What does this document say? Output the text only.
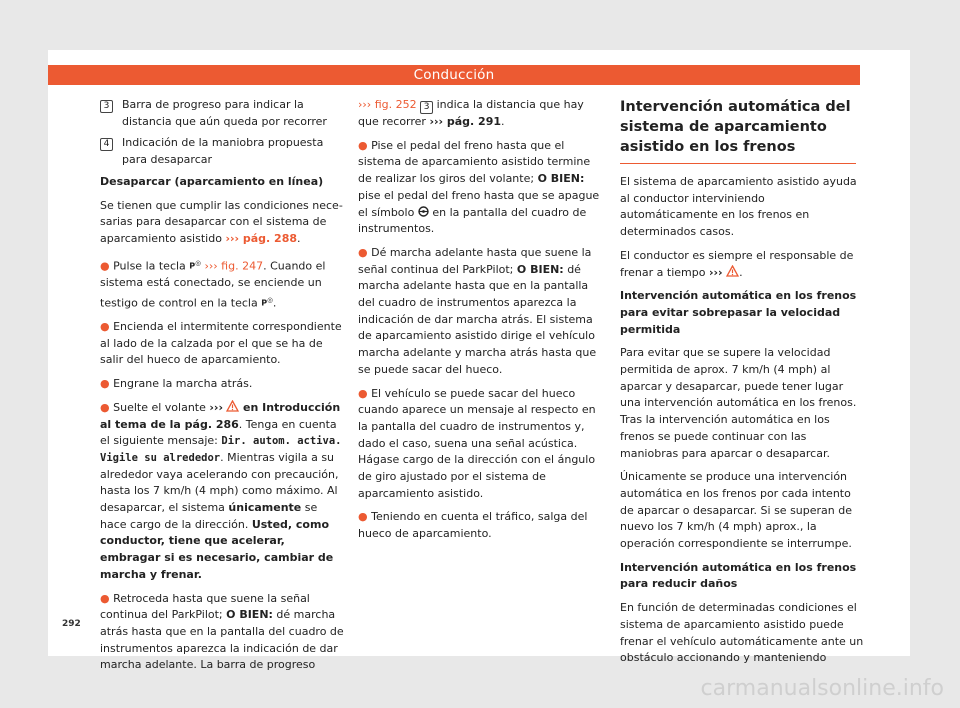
Conducción
3	Barra de progreso para indicar la distancia que aún queda por recorrer
4	Indicación de la maniobra propuesta para desaparcar

Desaparcar (aparcamiento en línea)

Se tienen que cumplir las condiciones necesarias para desaparcar con el sistema de aparcamiento asistido ››› pág. 288.

● Pulse la tecla P◎ ››› fig. 247. Cuando el sistema está conectado, se enciende un testigo de control en la tecla P◎.

● Encienda el intermitente correspondiente al lado de la calzada por el que se ha de salir del hueco de aparcamiento.

● Engrane la marcha atrás.

● Suelte el volante ››› en Introducción al tema de la pág. 286. Tenga en cuenta el siguiente mensaje: Dir. autom. activa. Vigile su alrededor. Mientras vigila a su alrededor vaya acelerando con precaución, hasta los 7 km/h (4 mph) como máximo. Al desaparcar, el sistema únicamente se hace cargo de la dirección. Usted, como conductor, tiene que acelerar, embragar si es necesario, cambiar de marcha y frenar.

● Retroceda hasta que suene la señal continua del ParkPilot; O BIEN: dé marcha atrás hasta que en la pantalla del cuadro de instrumentos aparezca la indicación de dar marcha adelante. La barra de progreso

››› fig. 252 3 indica la distancia que hay que recorrer ››› pág. 291.

● Pise el pedal del freno hasta que el sistema de aparcamiento asistido termine de realizar los giros del volante; O BIEN: pise el pedal del freno hasta que se apague el símbolo en la pantalla del cuadro de instrumentos.

● Dé marcha adelante hasta que suene la señal continua del ParkPilot; O BIEN: dé marcha adelante hasta que en la pantalla del cuadro de instrumentos aparezca la indicación de dar marcha atrás. El sistema de aparcamiento asistido dirige el vehículo marcha adelante y marcha atrás hasta que se puede sacar del hueco.

● El vehículo se puede sacar del hueco cuando aparece un mensaje al respecto en la pantalla del cuadro de instrumentos y, dado el caso, suena una señal acústica. Hágase cargo de la dirección con el ángulo de giro ajustado por el sistema de aparcamiento asistido.

● Teniendo en cuenta el tráfico, salga del hueco de aparcamiento.

Intervención automática del sistema de aparcamiento asistido en los frenos

El sistema de aparcamiento asistido ayuda al conductor interviniendo automáticamente en los frenos en determinados casos.

El conductor es siempre el responsable de frenar a tiempo ››› .

Intervención automática en los frenos para evitar sobrepasar la velocidad permitida

Para evitar que se supere la velocidad permitida de aprox. 7 km/h (4 mph) al aparcar y desaparcar, puede tener lugar una intervención automática en los frenos. Tras la intervención automática en los frenos se puede continuar con las maniobras para aparcar o desaparcar.

Únicamente se produce una intervención automática en los frenos por cada intento de aparcar o desaparcar. Si se superan de nuevo los 7 km/h (4 mph) aprox., la operación correspondiente se interrumpe.

Intervención automática en los frenos para reducir daños

En función de determinadas condiciones el sistema de aparcamiento asistido puede frenar el vehículo automáticamente ante un obstáculo accionando y manteniendo

292
carmanualsonline.info
